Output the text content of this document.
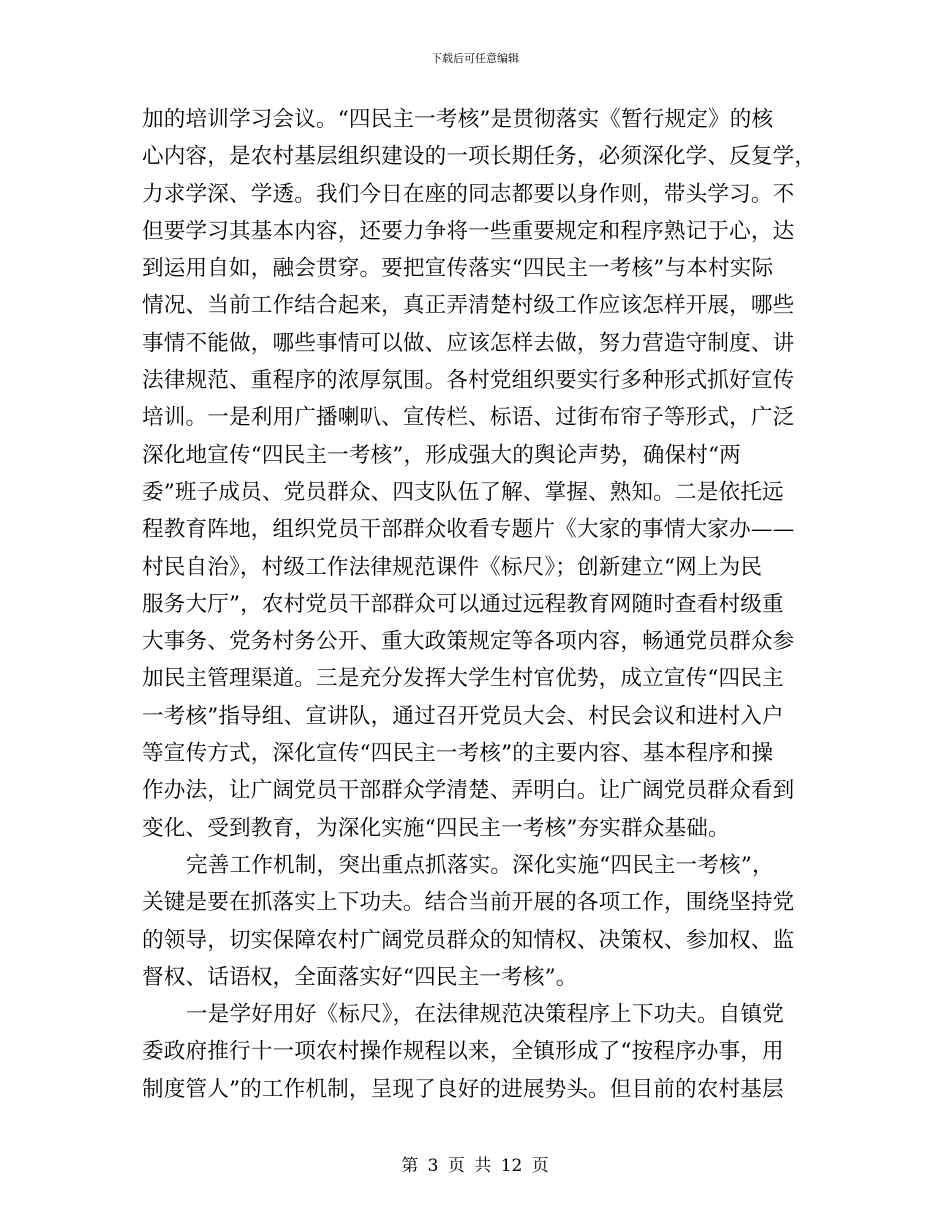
下载后可任意编辑
加的培训学习会议。“四民主一考核”是贯彻落实《暂行规定》的核
心内容，是农村基层组织建设的一项长期任务，必须深化学、反复学，
力求学深、学透。我们今日在座的同志都要以身作则，带头学习。不
但要学习其基本内容，还要力争将一些重要规定和程序熟记于心，达
到运用自如，融会贯穿。要把宣传落实“四民主一考核”与本村实际
情况、当前工作结合起来，真正弄清楚村级工作应该怎样开展，哪些
事情不能做，哪些事情可以做、应该怎样去做，努力营造守制度、讲
法律规范、重程序的浓厚氛围。各村党组织要实行多种形式抓好宣传
培训。一是利用广播喇叭、宣传栏、标语、过街布帘子等形式，广泛
深化地宣传“四民主一考核”，形成强大的舆论声势，确保村“两
委”班子成员、党员群众、四支队伍了解、掌握、熟知。二是依托远
程教育阵地，组织党员干部群众收看专题片《大家的事情大家办——
村民自治》，村级工作法律规范课件《标尺》；创新建立“网上为民
服务大厅”，农村党员干部群众可以通过远程教育网随时查看村级重
大事务、党务村务公开、重大政策规定等各项内容，畅通党员群众参
加民主管理渠道。三是充分发挥大学生村官优势，成立宣传“四民主
一考核”指导组、宣讲队，通过召开党员大会、村民会议和进村入户
等宣传方式，深化宣传“四民主一考核”的主要内容、基本程序和操
作办法，让广阔党员干部群众学清楚、弄明白。让广阔党员群众看到
变化、受到教育，为深化实施“四民主一考核”夯实群众基础。
完善工作机制，突出重点抓落实。深化实施“四民主一考核”，
关键是要在抓落实上下功夫。结合当前开展的各项工作，围绕坚持党
的领导，切实保障农村广阔党员群众的知情权、决策权、参加权、监
督权、话语权，全面落实好“四民主一考核”。
一是学好用好《标尺》，在法律规范决策程序上下功夫。自镇党
委政府推行十一项农村操作规程以来，全镇形成了“按程序办事，用
制度管人”的工作机制，呈现了良好的进展势头。但目前的农村基层
第 3 页 共 12 页
